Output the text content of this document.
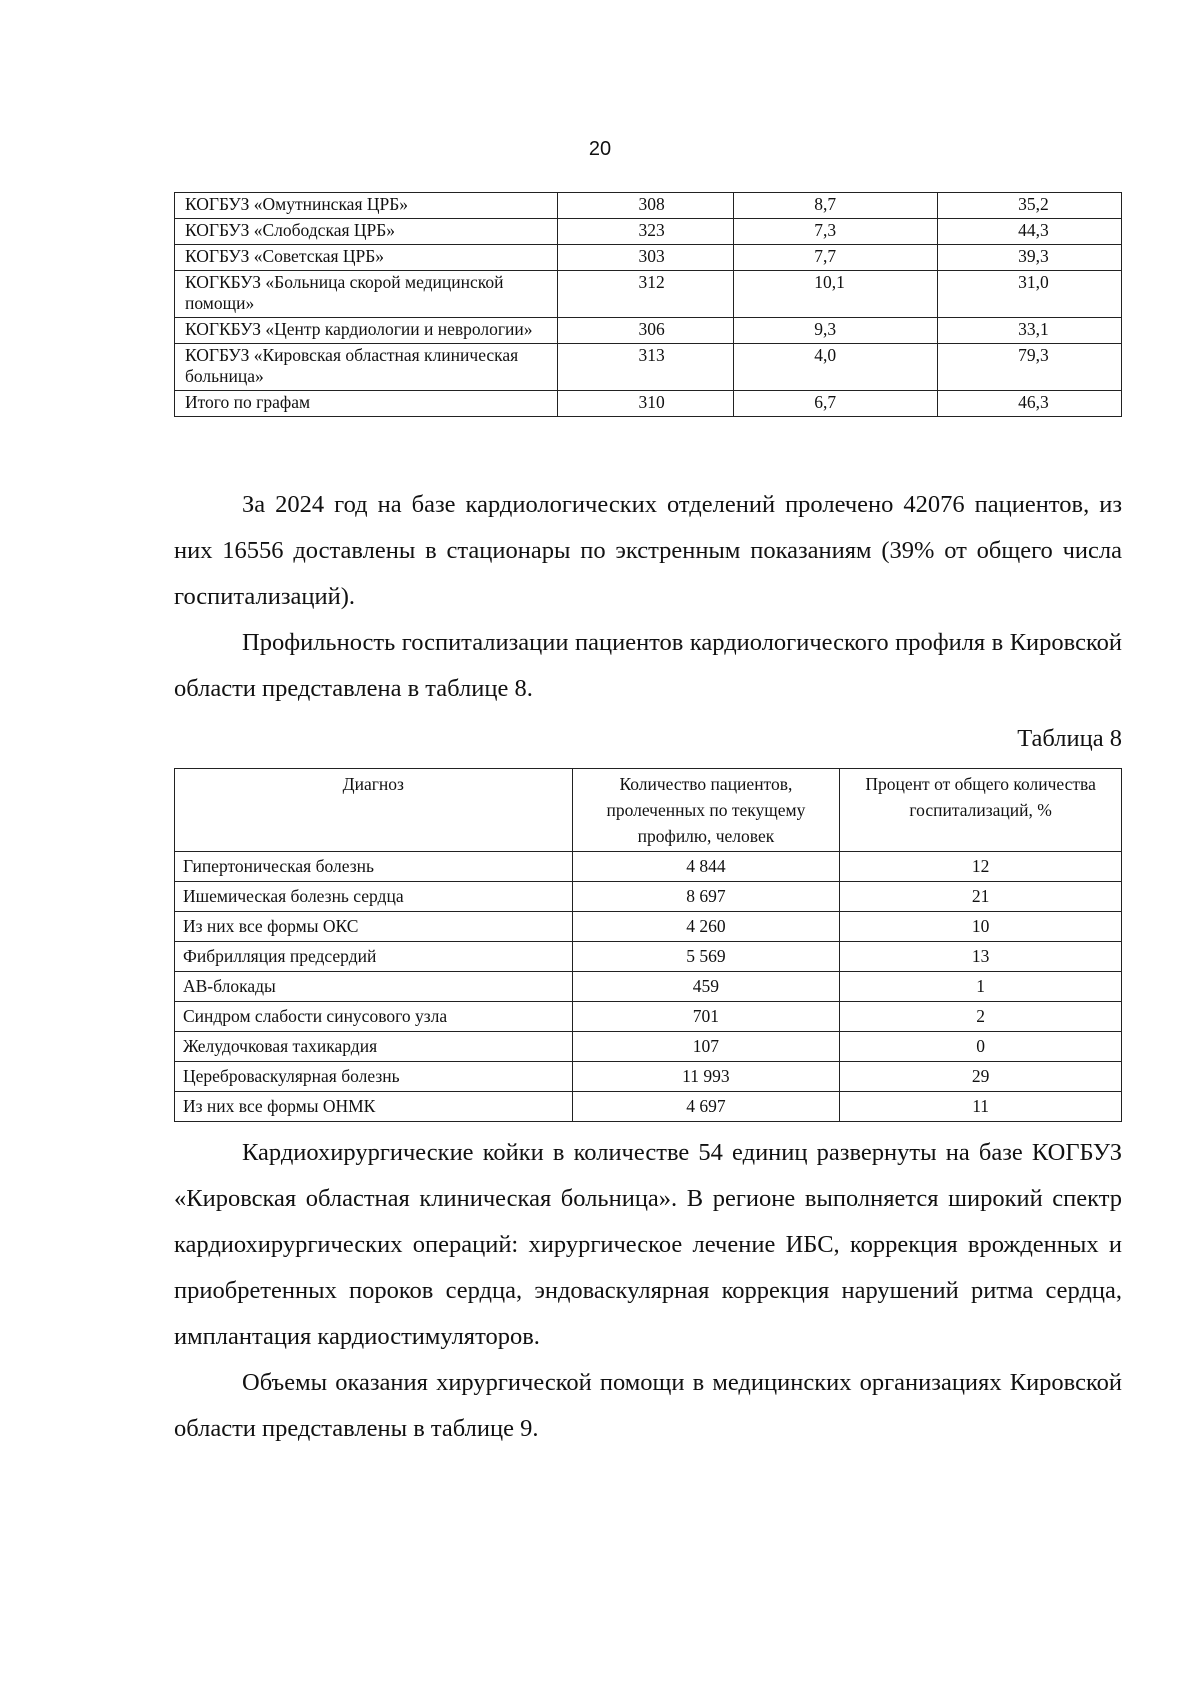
20
КОГБУЗ «Омутнинская ЦРБ»	308	8,7	35,2
КОГБУЗ «Слободская ЦРБ»	323	7,3	44,3
КОГБУЗ «Советская ЦРБ»	303	7,7	39,3
КОГКБУЗ «Больница скорой медицинской помощи»	312	10,1	31,0
КОГКБУЗ «Центр кардиологии и неврологии»	306	9,3	33,1
КОГБУЗ «Кировская областная клиническая больница»	313	4,0	79,3
Итого по графам	310	6,7	46,3

За 2024 год на базе кардиологических отделений пролечено 42076 пациентов, из них 16556 доставлены в стационары по экстренным показаниям (39% от общего числа госпитализаций).

Профильность госпитализации пациентов кардиологического профиля в Кировской области представлена в таблице 8.

Таблица 8
Диагноз	Количество пациентов, пролеченных по текущему профилю, человек	Процент от общего количества госпитализаций, %
Гипертоническая болезнь	4 844	12
Ишемическая болезнь сердца	8 697	21
Из них все формы ОКС	4 260	10
Фибрилляция предсердий	5 569	13
АВ-блокады	459	1
Синдром слабости синусового узла	701	2
Желудочковая тахикардия	107	0
Цереброваскулярная болезнь	11 993	29
Из них все формы ОНМК	4 697	11

Кардиохирургические койки в количестве 54 единиц развернуты на базе КОГБУЗ «Кировская областная клиническая больница». В регионе выполняется широкий спектр кардиохирургических операций: хирургическое лечение ИБС, коррекция врожденных и приобретенных пороков сердца, эндоваскулярная коррекция нарушений ритма сердца, имплантация кардиостимуляторов.

Объемы оказания хирургической помощи в медицинских организациях Кировской области представлены в таблице 9.
